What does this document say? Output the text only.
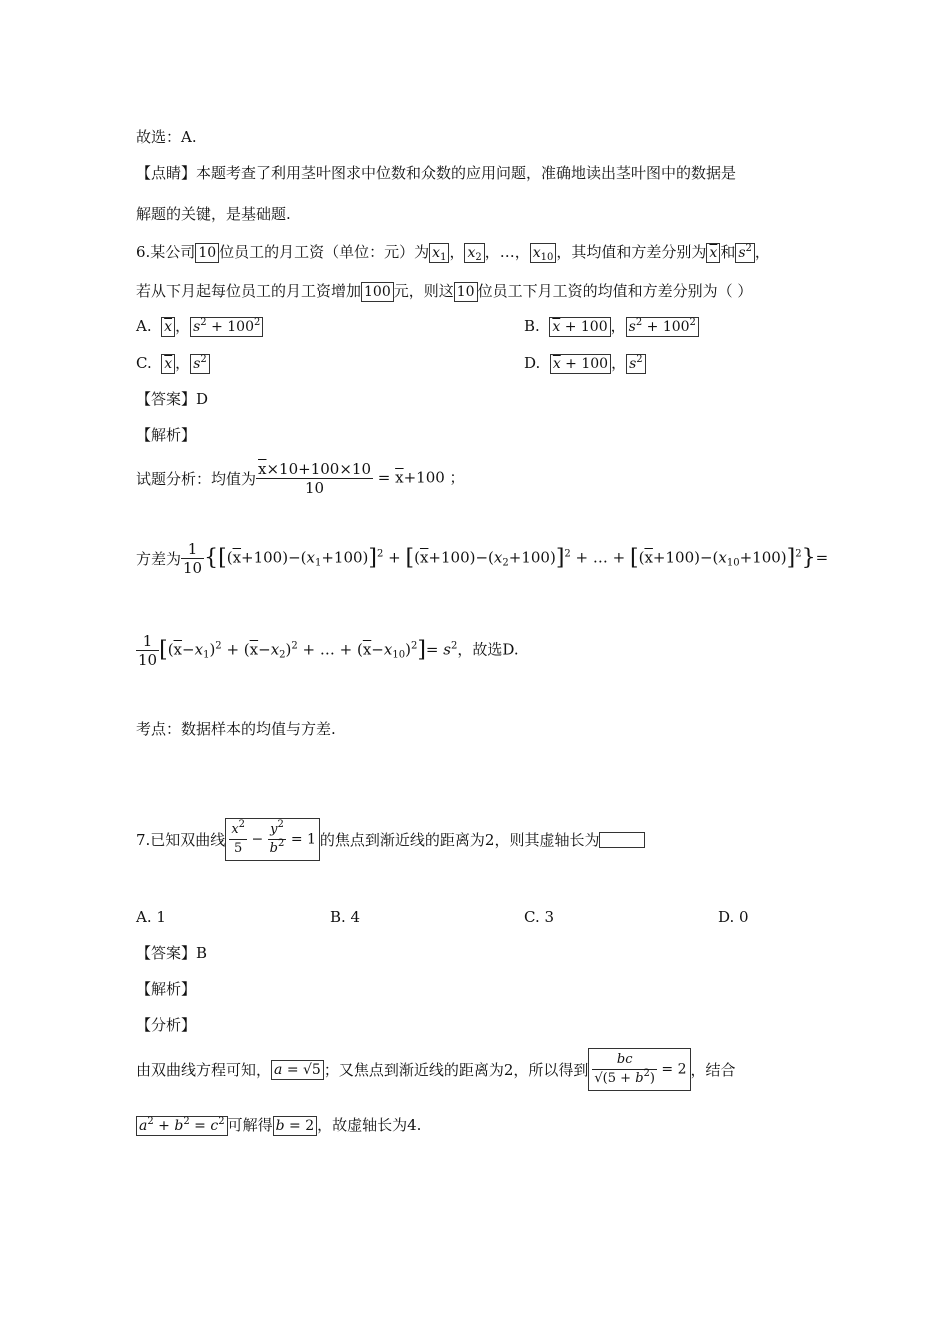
故选：A.
【点睛】本题考查了利用茎叶图求中位数和众数的应用问题，准确地读出茎叶图中的数据是
解题的关键，是基础题.
6.某公司 10 位员工的月工资（单位：元）为 $x_1$ ， $x_2$ ，…， $x_{10}$ ，其均值和方差分别为 $\overline{x}$ 和 $s^2$ ，
若从下月起每位员工的月工资增加 100 元，则这 10 位员工下月工资的均值和方差分别为（ ）
A. $\overline{x}$ ， $s^2 + 100^2$	B. $\overline{x} + 100$ ， $s^2 + 100^2$
C. $\overline{x}$ ， $s^2$	D. $\overline{x} + 100$ ， $s^2$
【答案】D
【解析】
试题分析：均值为 $\frac{\overline{x}\times 10+100\times 10}{10} = \overline{x}+100$ ；
方差为 $\frac{1}{10} \{[(\overline{x}+100)-(x_1+100)]^2 + [(\overline{x}+100)-(x_2+100)]^2$ + … + $[(\overline{x}+100)-(x_{10}+100)]^2\}=$
$\frac{1}{10} [(\overline{x}-x_1)^2 + (\overline{x}-x_2)^2$ + … + $(\overline{x}-x_{10})^2]= s^2$，故选D.
考点：数据样本的均值与方差.
7.已知双曲线 $\frac{x^2}{5} - \frac{y^2}{b^2} = 1$ 的焦点到渐近线的距离为2，则其虚轴长为
A. 1	B. 4	C. 3	D. 0
【答案】B
【解析】
【分析】
由双曲线方程可知， a = √5 ；又焦点到渐近线的距离为2，所以得到 $\frac{bc}{√(5 + b^2)} = 2$ ，结合
$a^2 + b^2 = c^2$ 可解得 b = 2 ，故虚轴长为4.
